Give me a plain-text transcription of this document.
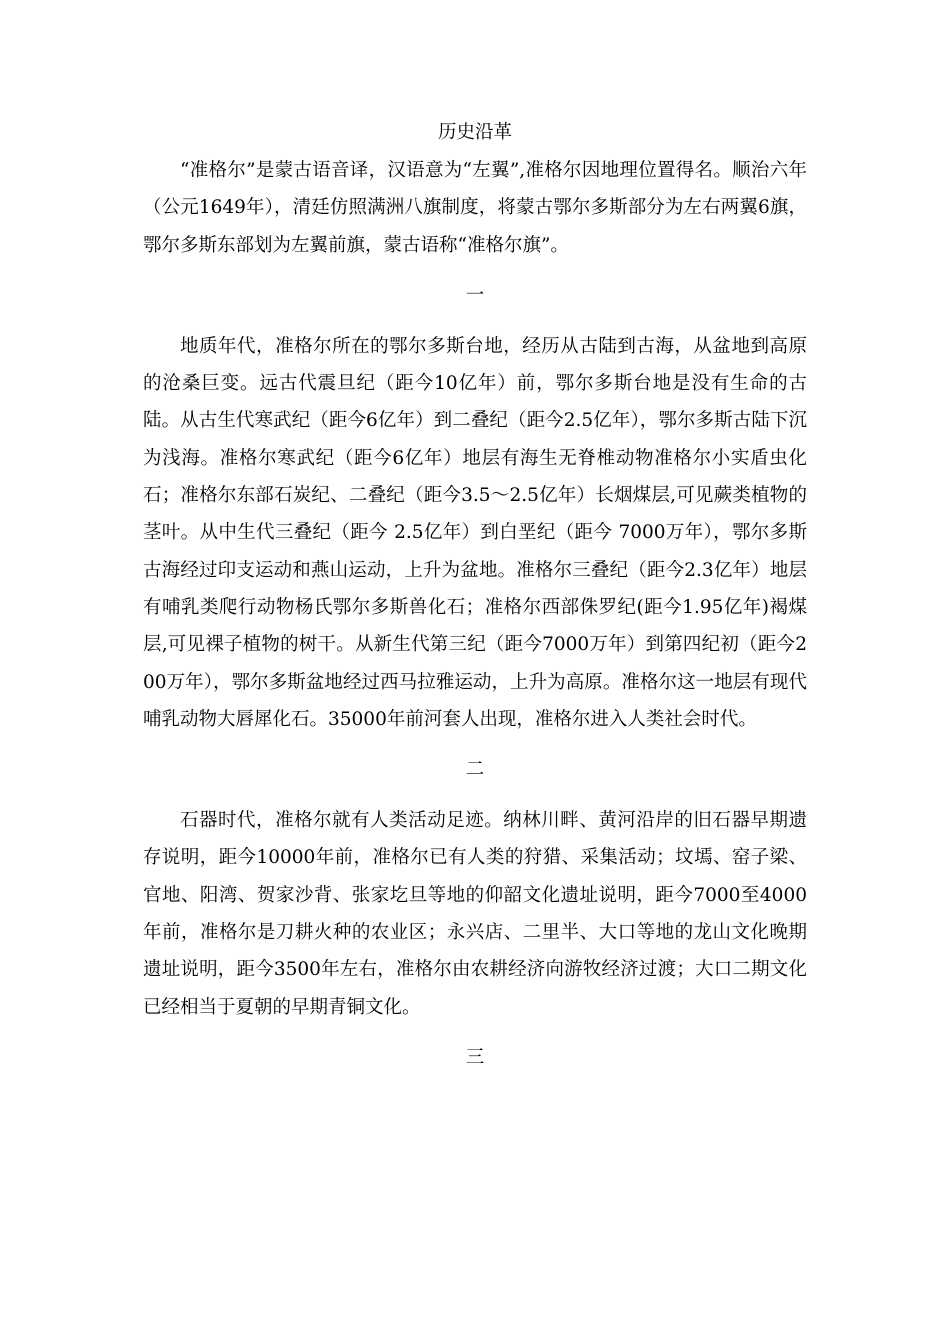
历史沿革

“准格尔”是蒙古语音译，汉语意为“左翼”,准格尔因地理位置得名。顺治六年（公元1649年），清廷仿照满洲八旗制度，将蒙古鄂尔多斯部分为左右两翼6旗，鄂尔多斯东部划为左翼前旗，蒙古语称“准格尔旗”。

一

地质年代，准格尔所在的鄂尔多斯台地，经历从古陆到古海，从盆地到高原的沧桑巨变。远古代震旦纪（距今10亿年）前，鄂尔多斯台地是没有生命的古陆。从古生代寒武纪（距今6亿年）到二叠纪（距今2.5亿年），鄂尔多斯古陆下沉为浅海。准格尔寒武纪（距今6亿年）地层有海生无脊椎动物准格尔小实盾虫化石；准格尔东部石炭纪、二叠纪（距今3.5～2.5亿年）长烟煤层,可见蕨类植物的茎叶。从中生代三叠纪（距今 2.5亿年）到白垩纪（距今 7000万年），鄂尔多斯古海经过印支运动和燕山运动，上升为盆地。准格尔三叠纪（距今2.3亿年）地层有哺乳类爬行动物杨氏鄂尔多斯兽化石；准格尔西部侏罗纪(距今1.95亿年)褐煤层,可见裸子植物的树干。从新生代第三纪（距今7000万年）到第四纪初（距今200万年），鄂尔多斯盆地经过西马拉雅运动，上升为高原。准格尔这一地层有现代哺乳动物大唇犀化石。35000年前河套人出现，准格尔进入人类社会时代。

二

石器时代，准格尔就有人类活动足迹。纳林川畔、黄河沿岸的旧石器早期遗存说明，距今10000年前，准格尔已有人类的狩猎、采集活动；坟墕、窑子梁、官地、阳湾、贺家沙背、张家圪旦等地的仰韶文化遗址说明，距今7000至4000年前，准格尔是刀耕火种的农业区；永兴店、二里半、大口等地的龙山文化晚期遗址说明，距今3500年左右，准格尔由农耕经济向游牧经济过渡；大口二期文化已经相当于夏朝的早期青铜文化。

三
